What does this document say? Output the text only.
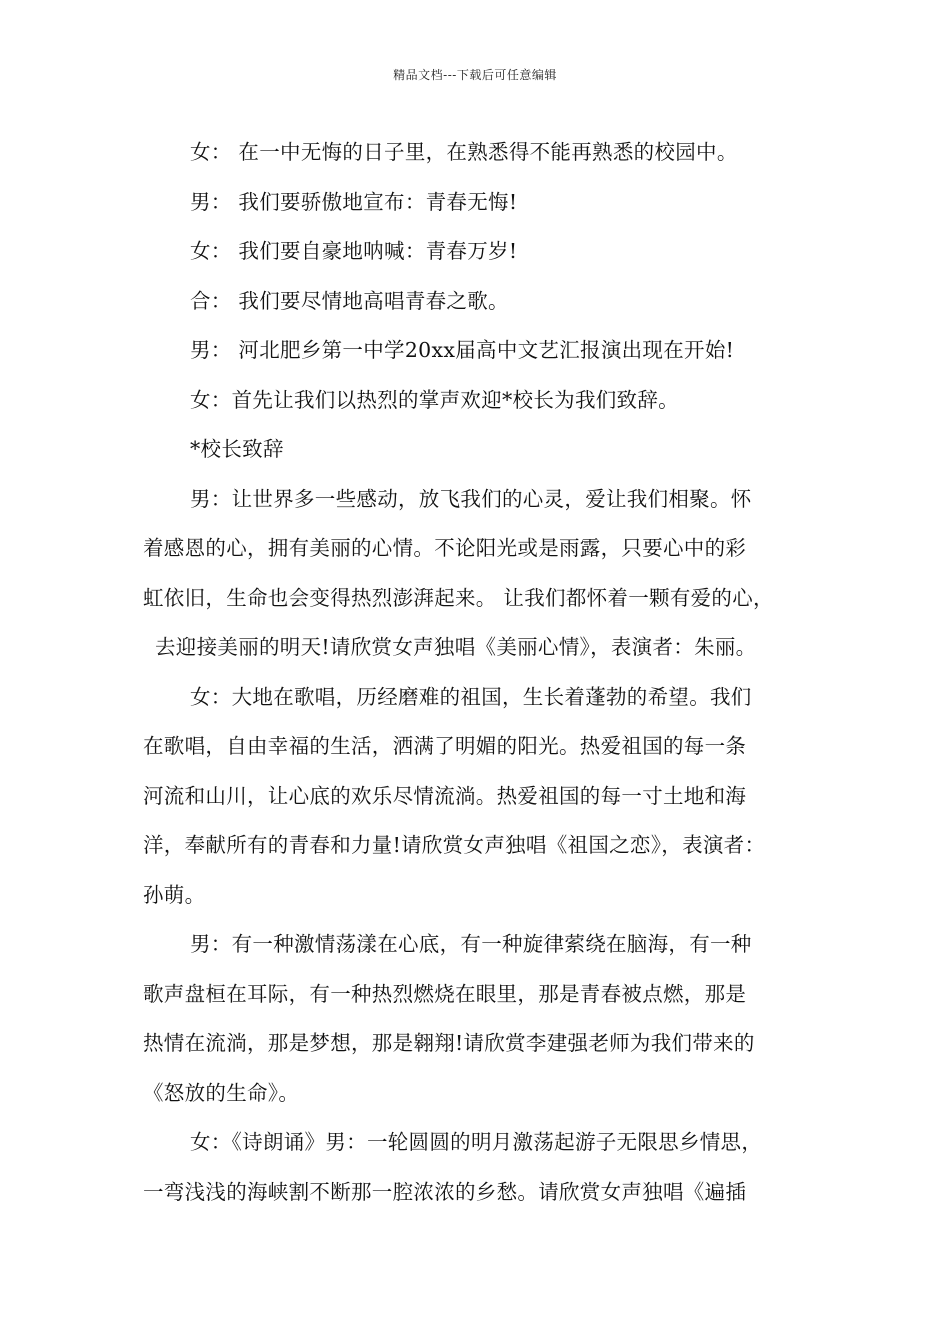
精品文档---下载后可任意编辑
女： 在一中无悔的日子里，在熟悉得不能再熟悉的校园中。
男： 我们要骄傲地宣布：青春无悔!
女： 我们要自豪地呐喊：青春万岁!
合： 我们要尽情地高唱青春之歌。
男： 河北肥乡第一中学20xx届高中文艺汇报演出现在开始!
女：首先让我们以热烈的掌声欢迎*校长为我们致辞。
*校长致辞
男：让世界多一些感动，放飞我们的心灵，爱让我们相聚。怀
着感恩的心，拥有美丽的心情。不论阳光或是雨露，只要心中的彩
虹依旧，生命也会变得热烈澎湃起来。 让我们都怀着一颗有爱的心，
去迎接美丽的明天!请欣赏女声独唱《美丽心情》，表演者：朱丽。
女：大地在歌唱，历经磨难的祖国，生长着蓬勃的希望。我们
在歌唱，自由幸福的生活，洒满了明媚的阳光。热爱祖国的每一条
河流和山川，让心底的欢乐尽情流淌。热爱祖国的每一寸土地和海
洋，奉献所有的青春和力量!请欣赏女声独唱《祖国之恋》，表演者：
孙萌。
男：有一种激情荡漾在心底，有一种旋律萦绕在脑海，有一种
歌声盘桓在耳际，有一种热烈燃烧在眼里，那是青春被点燃，那是
热情在流淌，那是梦想，那是翱翔!请欣赏李建强老师为我们带来的
《怒放的生命》。
女：《诗朗诵》男：一轮圆圆的明月激荡起游子无限思乡情思，
一弯浅浅的海峡割不断那一腔浓浓的乡愁。请欣赏女声独唱《遍插
